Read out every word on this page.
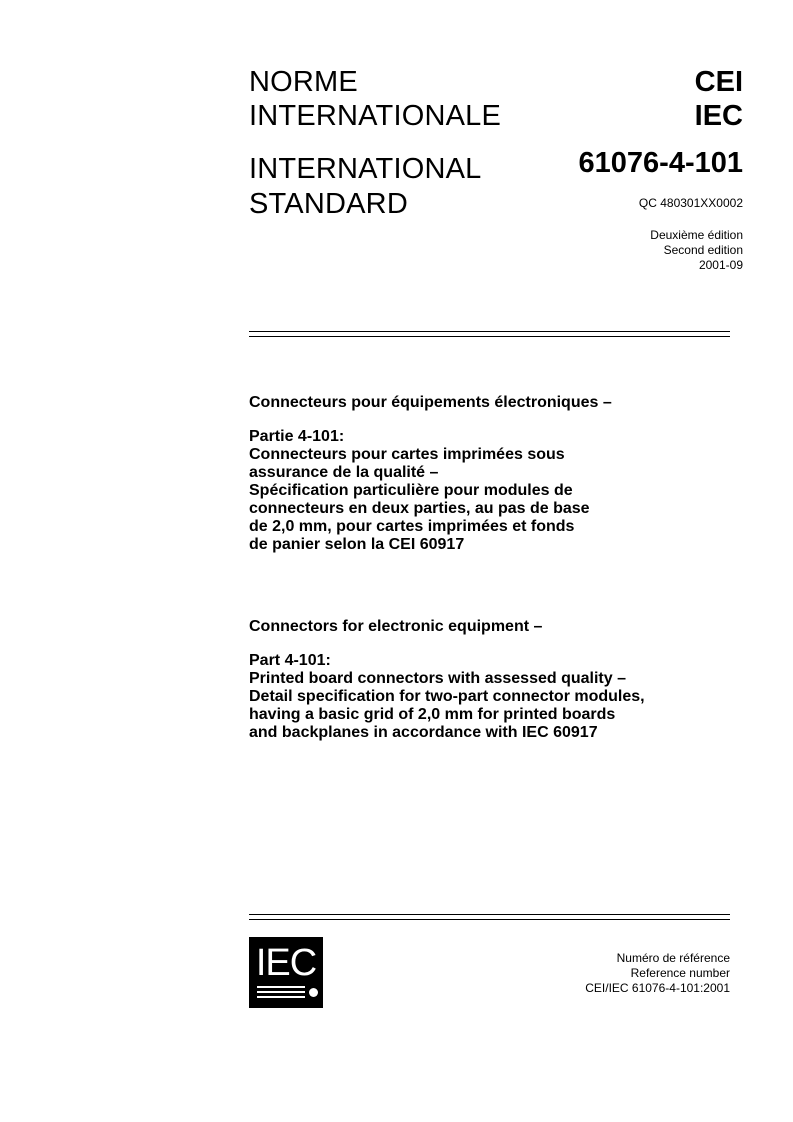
NORME
INTERNATIONALE
INTERNATIONAL
STANDARD
CEI
IEC
61076-4-101
QC 480301XX0002
Deuxième édition
Second edition
2001-09
Connecteurs pour équipements électroniques –
Partie 4-101:
Connecteurs pour cartes imprimées sous
assurance de la qualité –
Spécification particulière pour modules de
connecteurs en deux parties, au pas de base
de 2,0 mm, pour cartes imprimées et fonds
de panier selon la CEI 60917
Connectors for electronic equipment –
Part 4-101:
Printed board connectors with assessed quality –
Detail specification for two-part connector modules,
having a basic grid of 2,0 mm for printed boards
and backplanes in accordance with IEC 60917
IEC	Numéro de référence
Reference number
CEI/IEC 61076-4-101:2001
